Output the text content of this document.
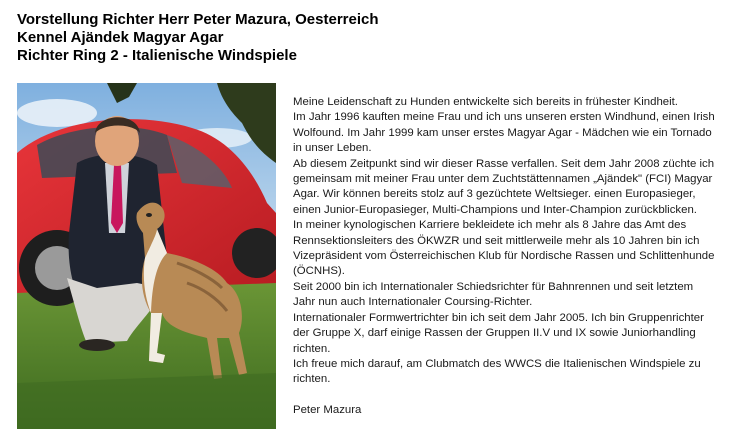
Vorstellung Richter Herr Peter Mazura, Oesterreich
Kennel Ajändek Magyar Agar
Richter Ring 2 - Italienische Windspiele

Meine Leidenschaft zu Hunden entwickelte sich bereits in frühester Kindheit.

Im Jahr 1996 kauften meine Frau und ich uns unseren ersten Windhund, einen Irish Wolfound. Im Jahr 1999 kam unser erstes Magyar Agar - Mädchen wie ein Tornado in unser Leben.

Ab diesem Zeitpunkt sind wir dieser Rasse verfallen. Seit dem Jahr 2008 züchte ich gemeinsam mit meiner Frau unter dem Zuchtstättennamen „Ajändek" (FCI) Magyar Agar. Wir können bereits stolz auf 3 gezüchtete Weltsieger. einen Europasieger, einen Junior-Europasieger, Multi-Champions und Inter-Champion zurückblicken.

In meiner kynologischen Karriere bekleidete ich mehr als 8 Jahre das Amt des Rennsektionsleiters des ÖKWZR und seit mittlerweile mehr als 10 Jahren bin ich Vizepräsident vom Österreichischen Klub für Nordische Rassen und Schlittenhunde (ÖCNHS).

Seit 2000 bin ich Internationaler Schiedsrichter für Bahnrennen und seit letztem Jahr nun auch Internationaler Coursing-Richter.

Internationaler Formwertrichter bin ich seit dem Jahr 2005. Ich bin Gruppenrichter der Gruppe X, darf einige Rassen der Gruppen II.V und IX sowie Juniorhandling richten.

Ich freue mich darauf, am Clubmatch des WWCS die Italienischen Windspiele zu richten.

Peter Mazura
